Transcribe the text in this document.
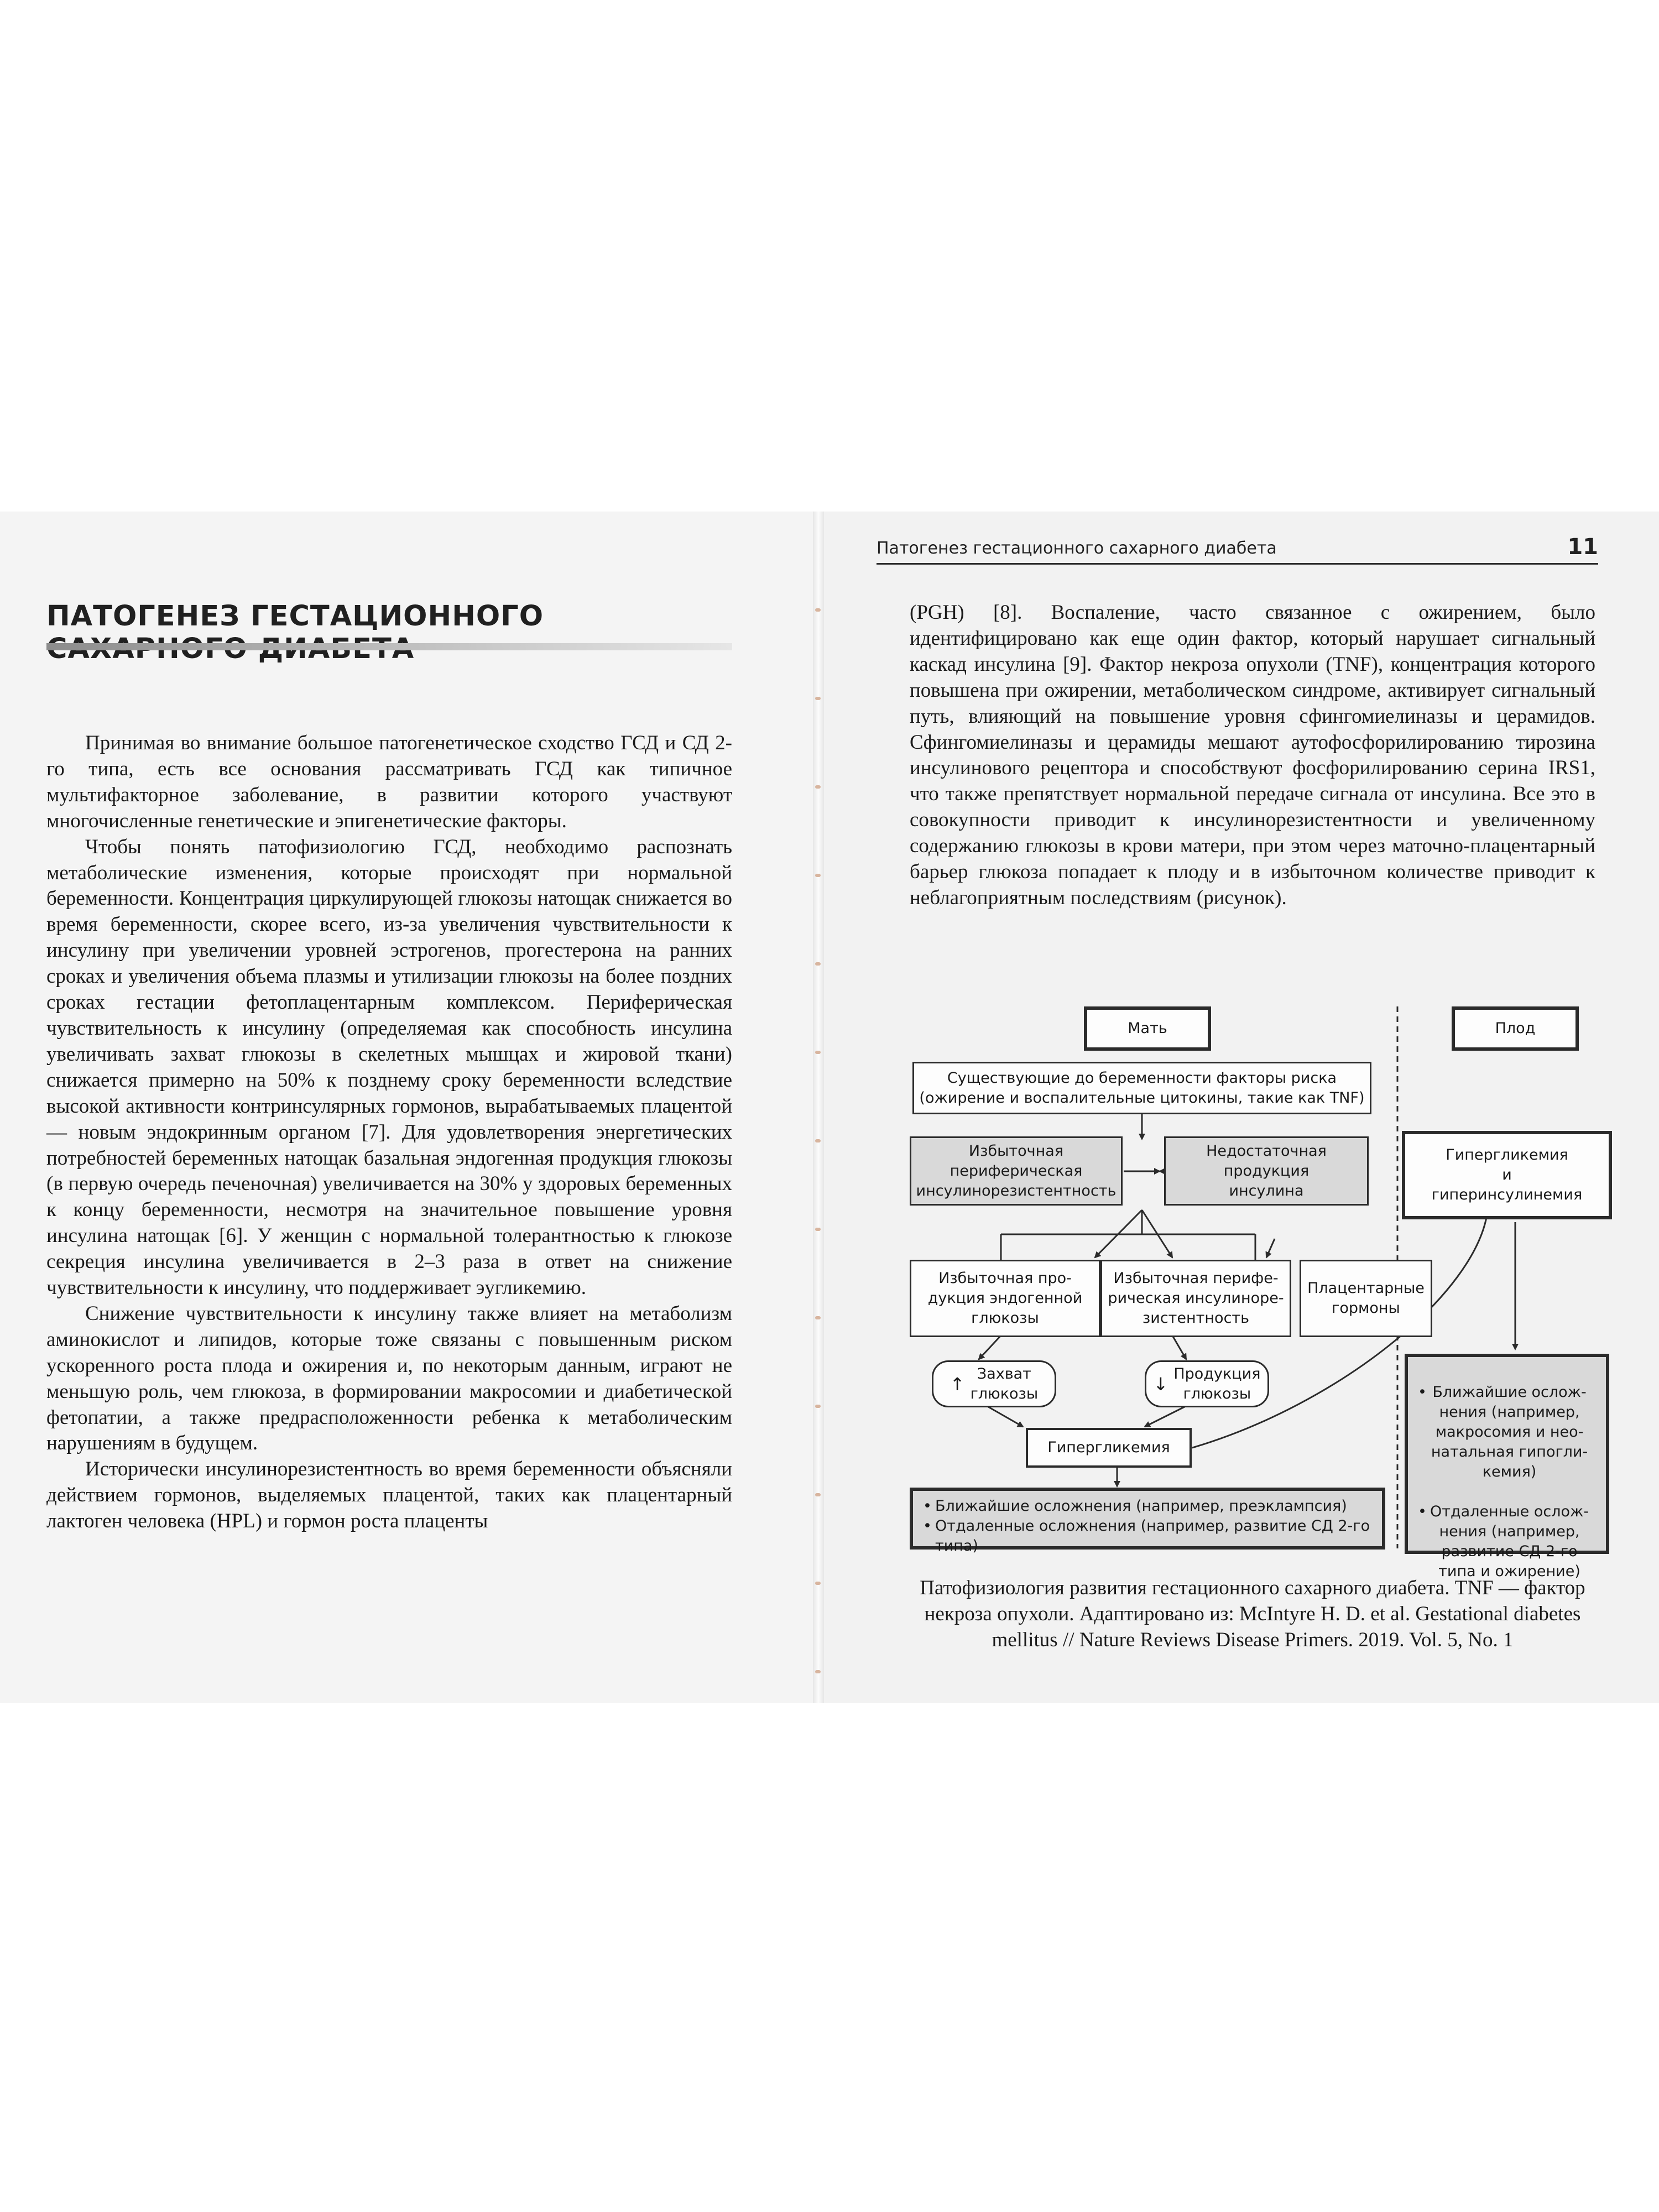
ПАТОГЕНЕЗ ГЕСТАЦИОННОГО

Принимая во внимание большое патогенетическое сходство ГСД и СД 2-го типа, есть все основания рассматривать ГСД как типичное мультифакторное заболевание, в развитии которого участвуют многочисленные генетические и эпигенетические факторы.

Чтобы понять патофизиологию ГСД, необходимо распознать метаболические изменения, которые происходят при нормальной беременности. Концентрация циркулирующей глюкозы натощак снижается во время беременности, скорее всего, из-за увеличения чувствительности к инсулину при увеличении уровней эстрогенов, прогестерона на ранних сроках и увеличения объема плазмы и утилизации глюкозы на более поздних сроках гестации фетоплацентарным комплексом. Периферическая чувствительность к инсулину (определяемая как способность инсулина увеличивать захват глюкозы в скелетных мышцах и жировой ткани) снижается примерно на 50% к позднему сроку беременности вследствие высокой активности контринсулярных гормонов, вырабатываемых плацентой — новым эндокринным органом [7]. Для удовлетворения энергетических потребностей беременных натощак базальная эндогенная продукция глюкозы (в первую очередь печеночная) увеличивается на 30% у здоровых беременных к концу беременности, несмотря на значительное повышение уровня инсулина натощак [6]. У женщин с нормальной толерантностью к глюкозе секреция инсулина увеличивается в 2–3 раза в ответ на снижение чувствительности к инсулину, что поддерживает эугликемию.

Снижение чувствительности к инсулину также влияет на метаболизм аминокислот и липидов, которые тоже связаны с повышенным риском ускоренного роста плода и ожирения и, по некоторым данным, играют не меньшую роль, чем глюкоза, в формировании макросомии и диабетической фетопатии, а также предрасположенности ребенка к метаболическим нарушениям в будущем.

Исторически инсулинорезистентность во время беременности объясняли действием гормонов, выделяемых плацентой, таких как плацентарный лактоген человека (HPL) и гормон роста плаценты

Патогенез гестационного сахарного диабета	11

(PGH) [8]. Воспаление, часто связанное с ожирением, было идентифицировано как еще один фактор, который нарушает сигнальный каскад инсулина [9]. Фактор некроза опухоли (TNF), концентрация которого повышена при ожирении, метаболическом синдроме, активирует сигнальный путь, влияющий на повышение уровня сфингомиелиназы и церамидов. Сфингомиелиназы и церамиды мешают аутофосфорилированию тирозина инсулинового рецептора и способствуют фосфорилированию серина IRS1, что также препятствует нормальной передаче сигнала от инсулина. Все это в совокупности приводит к инсулинорезистентности и увеличенному содержанию глюкозы в крови матери, при этом через маточно-плацентарный барьер глюкоза попадает к плоду и в избыточном количестве приводит к неблагоприятным последствиям (рисунок).

Мать	Плод
Существующие до беременности факторы риска
(ожирение и воспалительные цитокины, такие как TNF)
Избыточная
периферическая
инсулинорезистентность
Недостаточная
продукция
инсулина
Гипергликемия
и
гиперинсулинемия
Избыточная про-
дукция эндогенной
глюкозы
Избыточная перифе-
рическая инсулиноре-
зистентность
Плацентарные
гормоны
↑ Захват
глюкозы	↓ Продукция
глюкозы
Гипергликемия
• Ближайшие осложнения (например, преэклампсия)
• Отдаленные осложнения (например, развитие СД 2-го типа)

• Ближайшие ослож-
нения (например,
макросомия и нео-
натальная гипогли-
кемия)

• Отдаленные ослож-
нения (например,
развитие СД 2-го
типа и ожирение)

Патофизиология развития гестационного сахарного диабета. TNF — фактор некроза опухоли. Адаптировано из: McIntyre H. D. et al. Gestational diabetes mellitus // Nature Reviews Disease Primers. 2019. Vol. 5, No. 1
